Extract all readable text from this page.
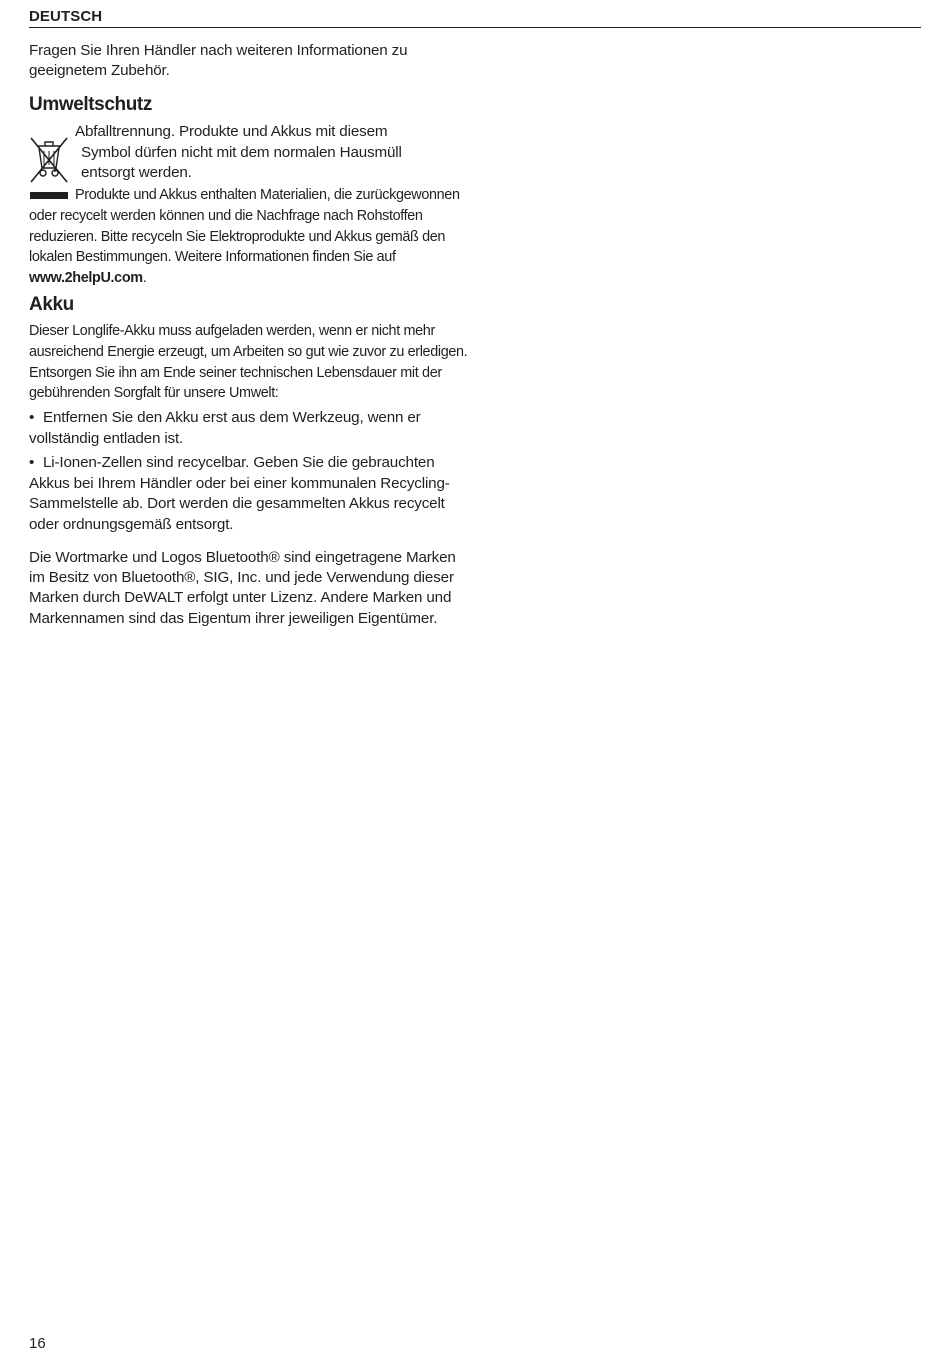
DEUTSCH

Fragen Sie Ihren Händler nach weiteren Informationen zu geeignetem Zubehör.

Umweltschutz
Abfalltrennung. Produkte und Akkus mit diesem
Symbol dürfen nicht mit dem normalen Hausmüll
entsorgt werden.

Produkte und Akkus enthalten Materialien, die zurückgewonnen oder recycelt werden können und die Nachfrage nach Rohstoffen reduzieren. Bitte recyceln Sie Elektroprodukte und Akkus gemäß den lokalen Bestimmungen. Weitere Informationen finden Sie auf www.2helpU.com.

Akku

Dieser Longlife-Akku muss aufgeladen werden, wenn er nicht mehr ausreichend Energie erzeugt, um Arbeiten so gut wie zuvor zu erledigen. Entsorgen Sie ihn am Ende seiner technischen Lebensdauer mit der gebührenden Sorgfalt für unsere Umwelt:

• Entfernen Sie den Akku erst aus dem Werkzeug, wenn er vollständig entladen ist.
• Li-Ionen-Zellen sind recycelbar. Geben Sie die gebrauchten Akkus bei Ihrem Händler oder bei einer kommunalen Recycling-Sammelstelle ab. Dort werden die gesammelten Akkus recycelt oder ordnungsgemäß entsorgt.

Die Wortmarke und Logos Bluetooth® sind eingetragene Marken im Besitz von Bluetooth®, SIG, Inc. und jede Verwendung dieser Marken durch DeWALT erfolgt unter Lizenz. Andere Marken und Markennamen sind das Eigentum ihrer jeweiligen Eigentümer.

16
